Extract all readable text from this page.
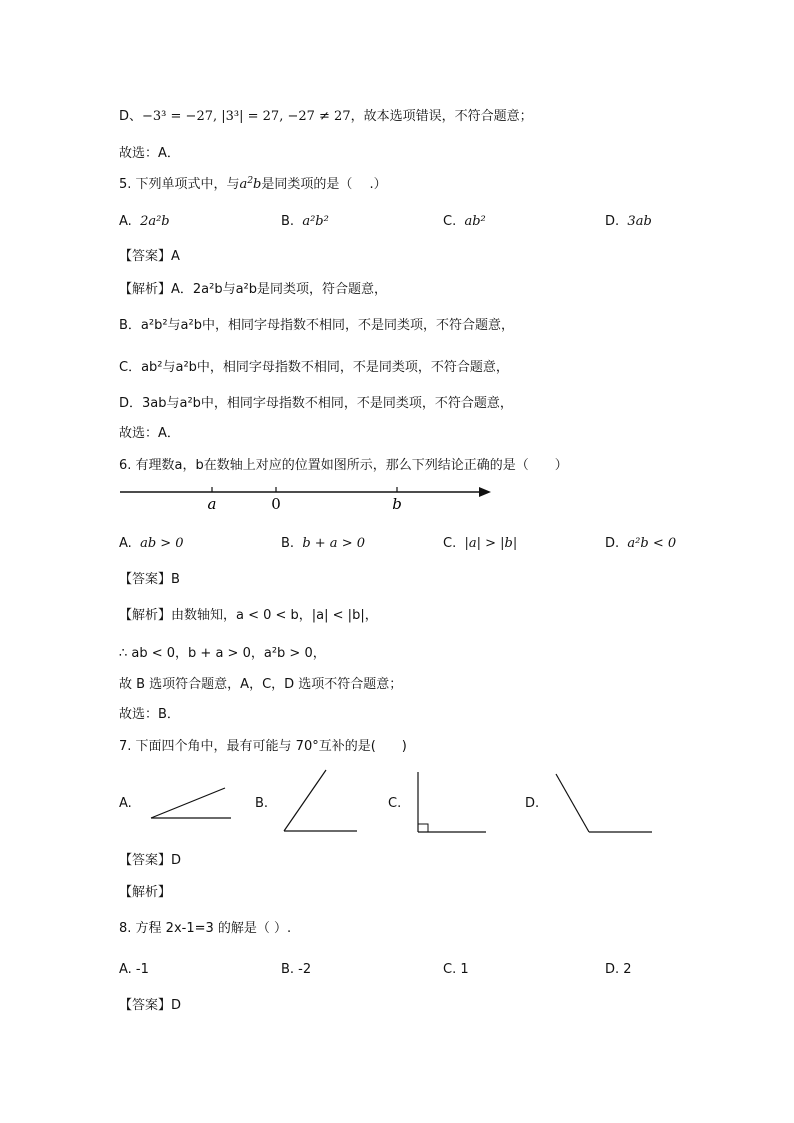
D、−3³ = −27, |3³| = 27, −27 ≠ 27，故本选项错误，不符合题意；
故选：A．
5. 下列单项式中，与$a^2b$是同类项的是（　 .）
A. 2a²b	B. a²b²	C. ab²	D. 3ab
【答案】A
【解析】A．2a²b与a²b是同类项，符合题意，
B．a²b²与a²b中，相同字母指数不相同，不是同类项，不符合题意，
C．ab²与a²b中，相同字母指数不相同，不是同类项，不符合题意，
D．3ab与a²b中，相同字母指数不相同，不是同类项，不符合题意，
故选：A．
6. 有理数a，b在数轴上对应的位置如图所示，那么下列结论正确的是（　　）
a	0	b
A. ab > 0	B. b + a > 0	C. |a| > |b|	D. a²b < 0
【答案】B
【解析】由数轴知，a < 0 < b，|a| < |b|，
∴ ab < 0，b + a > 0，a²b > 0，
故 B 选项符合题意，A，C，D 选项不符合题意；
故选：B．
7. 下面四个角中，最有可能与 70°互补的是(　　)
A.	B.	C.	D.
【答案】D
【解析】
8. 方程 2x-1=3 的解是（ ）.
A. -1	B. -2	C. 1	D. 2
【答案】D
